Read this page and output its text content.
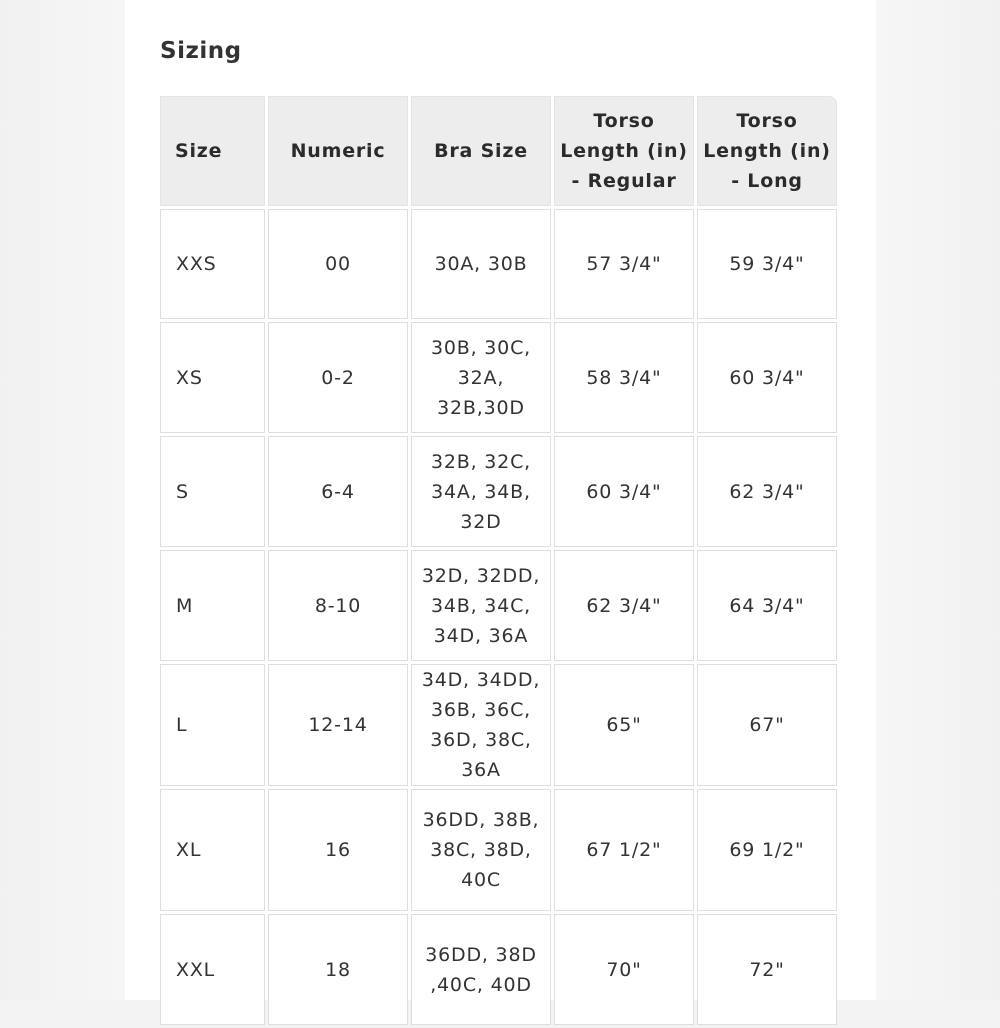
Sizing
Size	Numeric	Bra Size	Torso Length (in) - Regular	Torso Length (in) - Long
XXS	00	30A, 30B	57 3/4"	59 3/4"
XS	0-2	30B, 30C, 32A, 32B,30D	58 3/4"	60 3/4"
S	6-4	32B, 32C, 34A, 34B, 32D	60 3/4"	62 3/4"
M	8-10	32D, 32DD, 34B, 34C, 34D, 36A	62 3/4"	64 3/4"
L	12-14	34D, 34DD, 36B, 36C, 36D, 38C, 36A	65"	67"
XL	16	36DD, 38B, 38C, 38D, 40C	67 1/2"	69 1/2"
XXL	18	36DD, 38D ,40C, 40D	70"	72"
